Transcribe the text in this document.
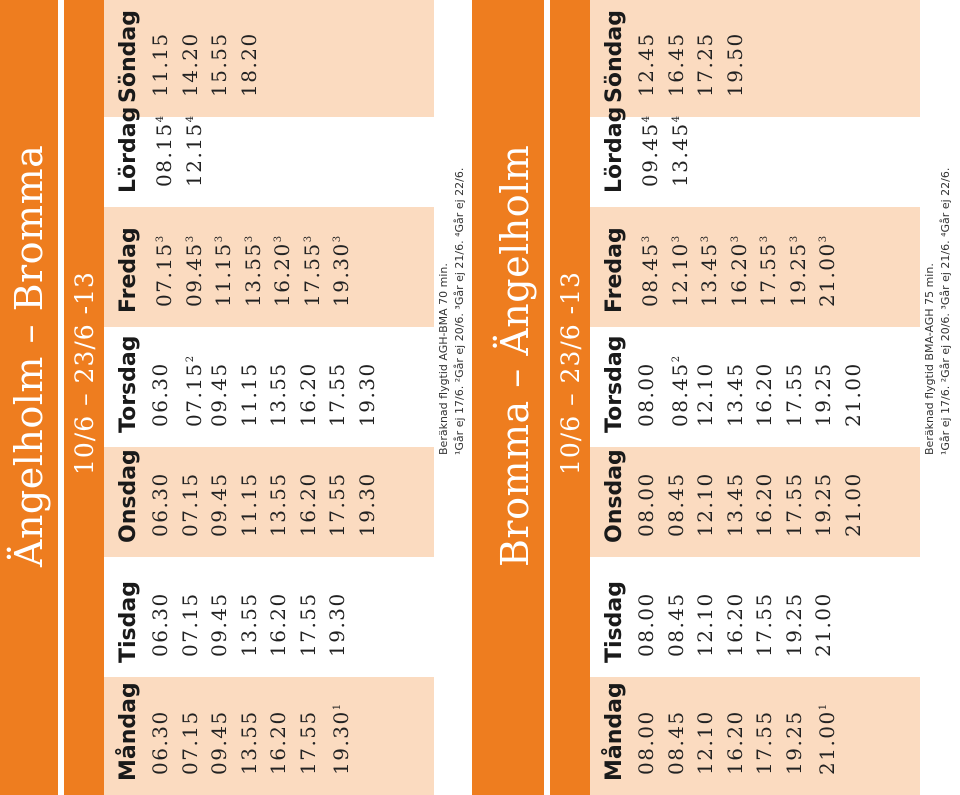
Ängelholm – Bromma 10/6 – 23/6 -13
Måndag 06.30 07.15 09.45 13.55 16.20 17.55 19.30$^1$
Tisdag 06.30 07.15 09.45 13.55 16.20 17.55 19.30
Onsdag 06.30 07.15 09.45 11.15 13.55 16.20 17.55 19.30
Torsdag 06.30 07.15$^2$
09.45 11.15 13.55 16.20 17.55 19.30
Fredag 07.15$^3$
09.45$^3$
11.15$^3$
13.55$^3$
16.20$^3$
17.55$^3$
19.30$^3$
Lördag 08.15$^4$
12.15$^4$
Söndag 11.15 14.20 15.55 18.20
Beräknad flygtid AGH-BMA 70 min. ¹Går ej 17/6. ²Går ej 20/6. ³Går ej 21/6. ⁴Går ej 22/6. Bromma – Ängelholm 10/6 – 23/6 -13
Måndag 08.00 08.45 12.10 16.20 17.55 19.25 21.00$^1$
Tisdag 08.00 08.45 12.10 16.20 17.55 19.25 21.00
Onsdag 08.00 08.45 12.10 13.45 16.20 17.55 19.25 21.00
Torsdag 08.00 08.45$^2$
12.10 13.45 16.20 17.55 19.25 21.00
Fredag 08.45$^3$
12.10$^3$
13.45$^3$
16.20$^3$
17.55$^3$
19.25$^3$
21.00$^3$
Lördag 09.45$^4$
13.45$^4$
Söndag 12.45 16.45 17.25 19.50
Beräknad flygtid BMA-AGH 75 min. ¹Går ej 17/6. ²Går ej 20/6. ³Går ej 21/6. ⁴Går ej 22/6.
